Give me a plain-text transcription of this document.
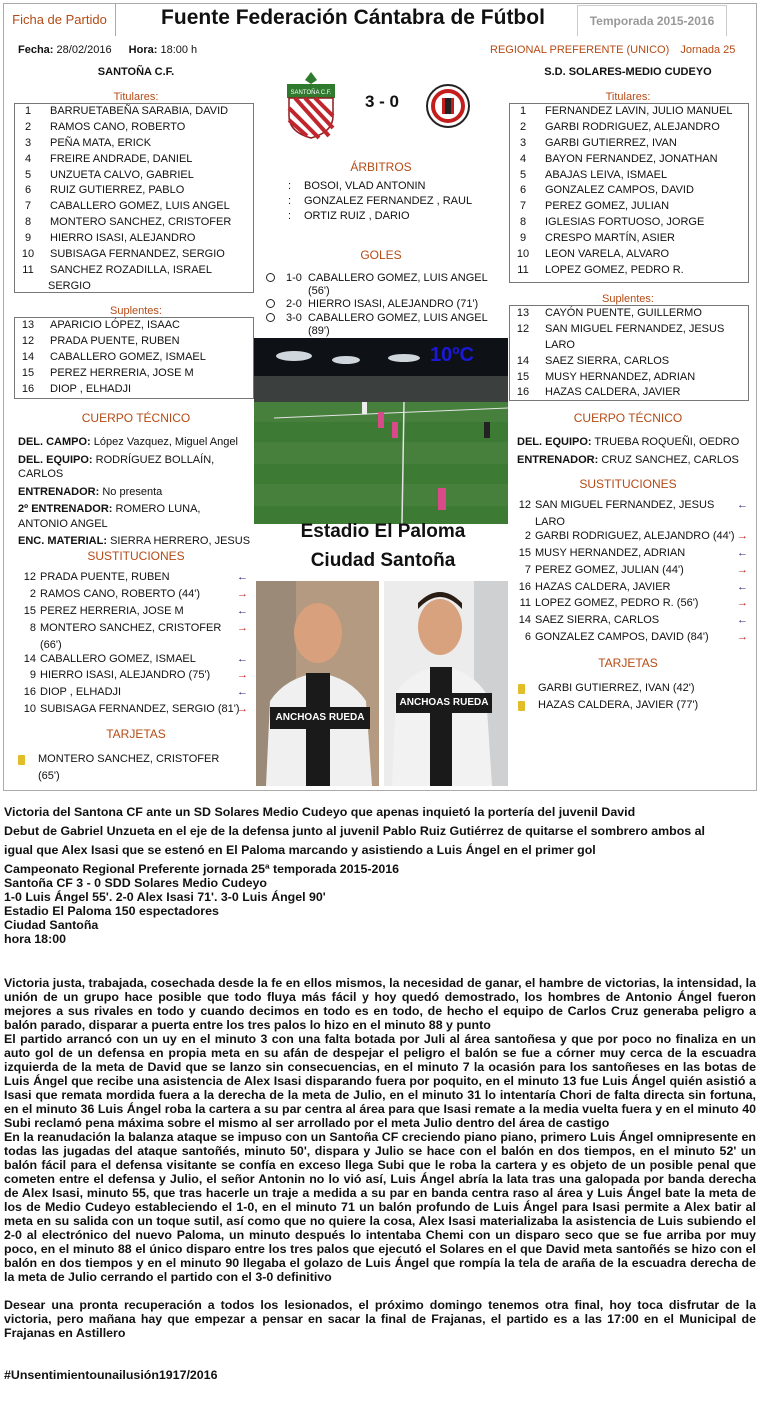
Ficha de Partido	Temporada 2015-2016
Fuente Federación Cántabra de Fútbol
Fecha: 28/02/2016 Hora: 18:00 h	REGIONAL PREFERENTE (UNICO) Jornada 25
SANTOÑA C.F.	S.D. SOLARES-MEDIO CUDEYO
SANTOÑA C.F.	3 - 0
Titulares:
1	BARRUETABEÑA SARABIA, DAVID
2	RAMOS CANO, ROBERTO
3	PEÑA MATA, ERICK
4	FREIRE ANDRADE, DANIEL
5	UNZUETA CALVO, GABRIEL
6	RUIZ GUTIERREZ, PABLO
7	CABALLERO GOMEZ, LUIS ANGEL
8	MONTERO SANCHEZ, CRISTOFER
9	HIERRO ISASI, ALEJANDRO
10	SUBISAGA FERNANDEZ, SERGIO
11	SANCHEZ ROZADILLA, ISRAEL
SERGIO
Suplentes:
13	APARICIO LÓPEZ, ISAAC
12	PRADA PUENTE, RUBEN
14	CABALLERO GOMEZ, ISMAEL
15	PEREZ HERRERIA, JOSE M
16	DIOP , ELHADJI
CUERPO TÉCNICO
DEL. CAMPO: López Vazquez, Miguel Angel
DEL. EQUIPO: RODRÍGUEZ BOLLAÍN,
CARLOS
ENTRENADOR: No presenta
2º ENTRENADOR: ROMERO LUNA,
ANTONIO ANGEL
ENC. MATERIAL: SIERRA HERRERO, JESUS
SUSTITUCIONES
12 PRADA PUENTE, RUBEN	←
2 RAMOS CANO, ROBERTO (44')	→
15 PEREZ HERRERIA, JOSE M	←
8 MONTERO SANCHEZ, CRISTOFER →
(66')
14 CABALLERO GOMEZ, ISMAEL	←
9 HIERRO ISASI, ALEJANDRO (75') →
16 DIOP , ELHADJI	←
10 SUBISAGA FERNANDEZ, SERGIO (81')
→
TARJETAS
MONTERO SANCHEZ, CRISTOFER
(65')
Titulares:
1	FERNANDEZ LAVIN, JULIO MANUEL
2	GARBI RODRIGUEZ, ALEJANDRO
3	GARBI GUTIERREZ, IVAN
4	BAYON FERNANDEZ, JONATHAN
5	ABAJAS LEIVA, ISMAEL
6	GONZALEZ CAMPOS, DAVID
7	PEREZ GOMEZ, JULIAN
8	IGLESIAS FORTUOSO, JORGE
9	CRESPO MARTÍN, ASIER
10	LEON VARELA, ALVARO
11	LOPEZ GOMEZ, PEDRO R.
Suplentes:
13	CAYÓN PUENTE, GUILLERMO
12	SAN MIGUEL FERNANDEZ, JESUS
LARO
14	SAEZ SIERRA, CARLOS
15	MUSY HERNANDEZ, ADRIAN
16	HAZAS CALDERA, JAVIER
CUERPO TÉCNICO
DEL. EQUIPO: TRUEBA ROQUEÑI, OEDRO
ENTRENADOR: CRUZ SANCHEZ, CARLOS
SUSTITUCIONES
12 SAN MIGUEL FERNANDEZ, JESUS ←
LARO
2 GARBI RODRIGUEZ, ALEJANDRO (44') →
15 MUSY HERNANDEZ, ADRIAN	←
7 PEREZ GOMEZ, JULIAN (44')	→
16 HAZAS CALDERA, JAVIER	←
11 LOPEZ GOMEZ, PEDRO R. (56')	→
14 SAEZ SIERRA, CARLOS	←
6 GONZALEZ CAMPOS, DAVID (84')	→
TARJETAS
GARBI GUTIERREZ, IVAN (42')
HAZAS CALDERA, JAVIER (77')
ÁRBITROS
: BOSOI, VLAD ANTONIN
: GONZALEZ FERNANDEZ , RAUL
: ORTIZ RUIZ , DARIO
GOLES
1-0 CABALLERO GOMEZ, LUIS ANGEL
(56')
2-0 HIERRO ISASI, ALEJANDRO (71')
3-0 CABALLERO GOMEZ, LUIS ANGEL
(89')
10ºC
Estadio El Paloma
Ciudad Santoña
ANCHOAS RUEDA
ANCHOAS RUEDA
Victoria del Santona CF ante un SD Solares Medio Cudeyo que apenas inquietó la portería del juvenil David
Debut de Gabriel Unzueta en el eje de la defensa junto al juvenil Pablo Ruiz Gutiérrez de quitarse el sombrero ambos al
igual que Alex Isasi que se estenó en El Paloma marcando y asistiendo a Luis Ángel en el primer gol
Campeonato Regional Preferente jornada 25ª temporada 2015-2016
Santoña CF 3 - 0 SDD Solares Medio Cudeyo
1-0 Luis Ángel 55'. 2-0 Alex Isasi 71'. 3-0 Luis Ángel 90'
Estadio El Paloma 150 espectadores
Ciudad Santoña
hora 18:00
Victoria justa, trabajada, cosechada desde la fe en ellos mismos, la necesidad de ganar, el hambre de victorias, la intensidad, la unión de un grupo hace posible que todo fluya más fácil y hoy quedó demostrado, los hombres de Antonio Ángel fueron mejores a sus rivales en todo y cuando decimos en todo es en todo, de hecho el equipo de Carlos Cruz generaba peligro a balón parado, disparar a puerta entre los tres palos lo hizo en el minuto 88 y punto
El partido arrancó con un uy en el minuto 3 con una falta botada por Juli al área santoñesa y que por poco no finaliza en un auto gol de un defensa en propia meta en su afán de despejar el peligro el balón se fue a córner muy cerca de la escuadra izquierda de la meta de David que se lanzo sin consecuencias, en el minuto 7 la ocasión para los santoñeses en las botas de Luis Ángel que recibe una asistencia de Alex Isasi disparando fuera por poquito, en el minuto 13 fue Luis Ángel quién asistió a Isasi que remata mordida fuera a la derecha de la meta de Julio, en el minuto 31 lo intentaría Chori de falta directa sin fortuna, en el minuto 36 Luis Ángel roba la cartera a su par centra al área para que Isasi remate a la media vuelta fuera y en el minuto 40 Subi reclamó pena máxima sobre el mismo al ser arrollado por el meta Julio dentro del área de castigo
En la reanudación la balanza ataque se impuso con un Santoña CF creciendo piano piano, primero Luis Ángel omnipresente en todas las jugadas del ataque santoñés, minuto 50', dispara y Julio se hace con el balón en dos tiempos, en el minuto 52' un balón fácil para el defensa visitante se confía en exceso llega Subi que le roba la cartera y es objeto de un posible penal que cometen entre el defensa y Julio, el señor Antonin no lo vió así, Luis Ángel abría la lata tras una galopada por banda derecha de Alex Isasi, minuto 55, que tras hacerle un traje a medida a su par en banda centra raso al área y Luis Ángel bate la meta de los de Medio Cudeyo estableciendo el 1-0, en el minuto 71 un balón profundo de Luis Ángel para Isasi permite a Alex batir al meta en su salida con un toque sutil, así como que no quiere la cosa, Alex Isasi materializaba la asistencia de Luis subiendo el 2-0 al electrónico del nuevo Paloma, un minuto después lo intentaba Chemi con un disparo seco que se fue arriba por muy poco, en el minuto 88 el único disparo entre los tres palos que ejecutó el Solares en el que David meta santoñés se hizo con el balón en dos tiempos y en el minuto 90 llegaba el golazo de Luis Ángel que rompía la tela de araña de la escuadra derecha de la meta de Julio cerrando el partido con el 3-0 definitivo
Desear una pronta recuperación a todos los lesionados, el próximo domingo tenemos otra final, hoy toca disfrutar de la victoria, pero mañana hay que empezar a pensar en sacar la final de Frajanas, el partido es a las 17:00 en el Municipal de Frajanas en Astillero
#Unsentimientounailusión1917/2016
